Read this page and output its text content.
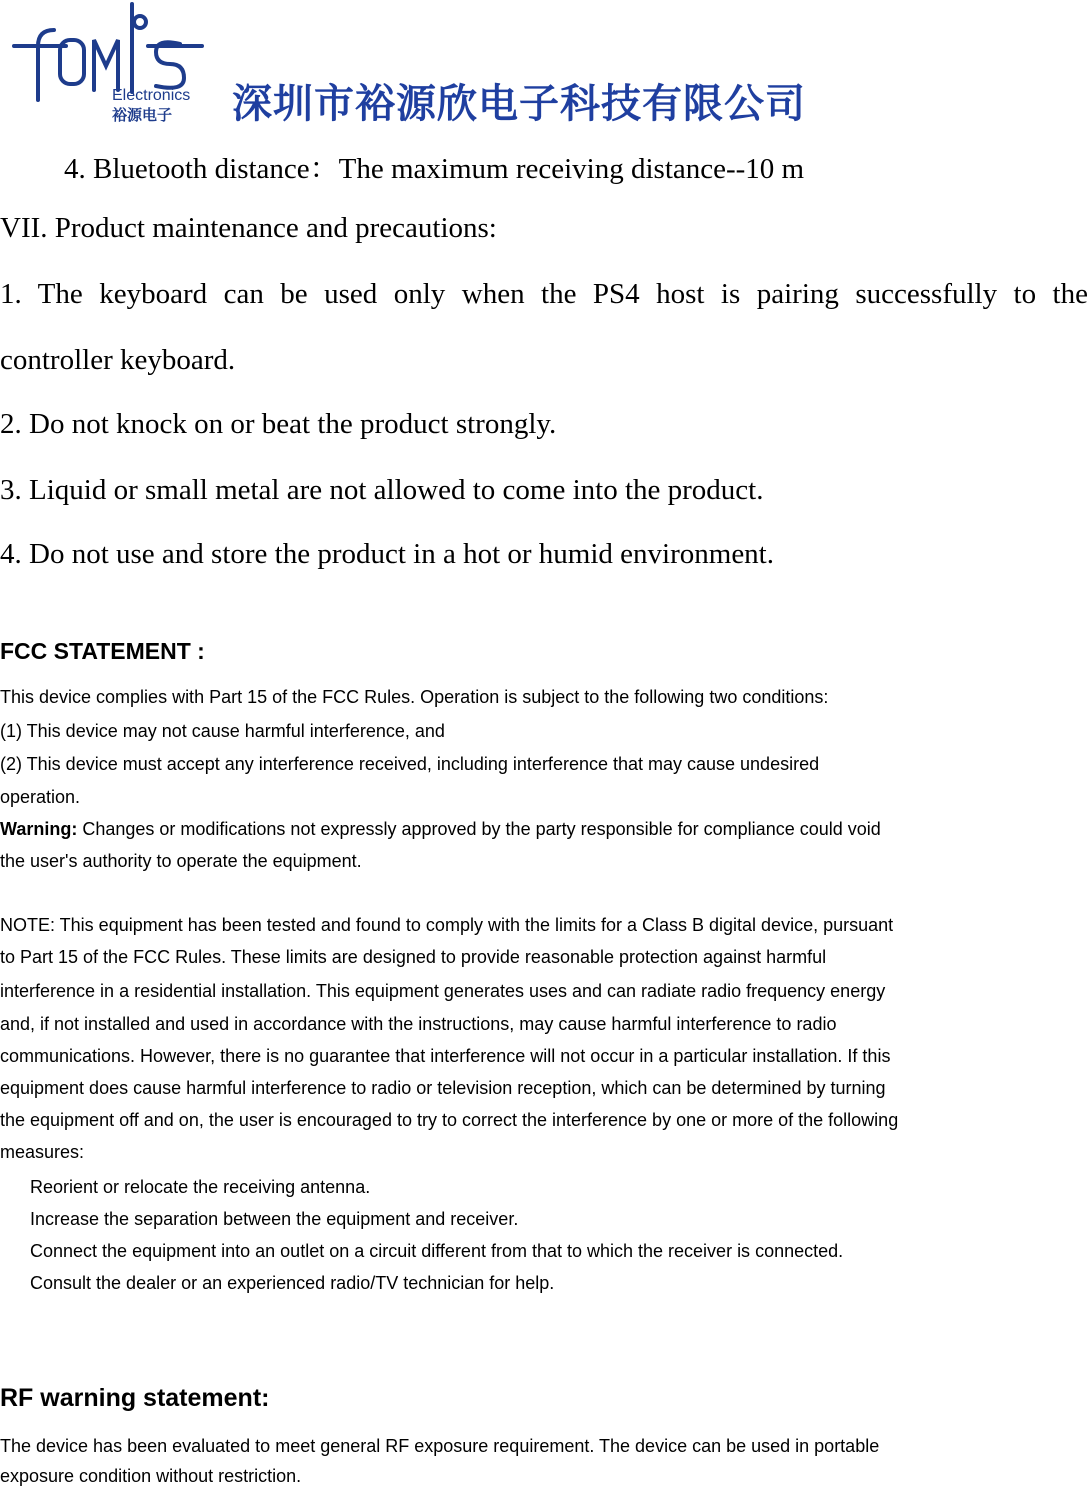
Electronics
裕源电子 深圳市裕源欣电子科技有限公司
4. Bluetooth distance：The maximum receiving distance--10 m
VII. Product maintenance and precautions:
1. The keyboard can be used only when the PS4 host is pairing successfully to the
controller keyboard.
2. Do not knock on or beat the product strongly.
3. Liquid or small metal are not allowed to come into the product.
4. Do not use and store the product in a hot or humid environment.
FCC STATEMENT :
This device complies with Part 15 of the FCC Rules. Operation is subject to the following two conditions:
(1) This device may not cause harmful interference, and
(2) This device must accept any interference received, including interference that may cause undesired
operation.
Warning: Changes or modifications not expressly approved by the party responsible for compliance could void
the user's authority to operate the equipment.
NOTE: This equipment has been tested and found to comply with the limits for a Class B digital device, pursuant
to Part 15 of the FCC Rules. These limits are designed to provide reasonable protection against harmful
interference in a residential installation. This equipment generates uses and can radiate radio frequency energy
and, if not installed and used in accordance with the instructions, may cause harmful interference to radio
communications. However, there is no guarantee that interference will not occur in a particular installation. If this
equipment does cause harmful interference to radio or television reception, which can be determined by turning
the equipment off and on, the user is encouraged to try to correct the interference by one or more of the following
measures:
Reorient or relocate the receiving antenna.
Increase the separation between the equipment and receiver.
Connect the equipment into an outlet on a circuit different from that to which the receiver is connected.
Consult the dealer or an experienced radio/TV technician for help.
RF warning statement:
The device has been evaluated to meet general RF exposure requirement. The device can be used in portable
exposure condition without restriction.
